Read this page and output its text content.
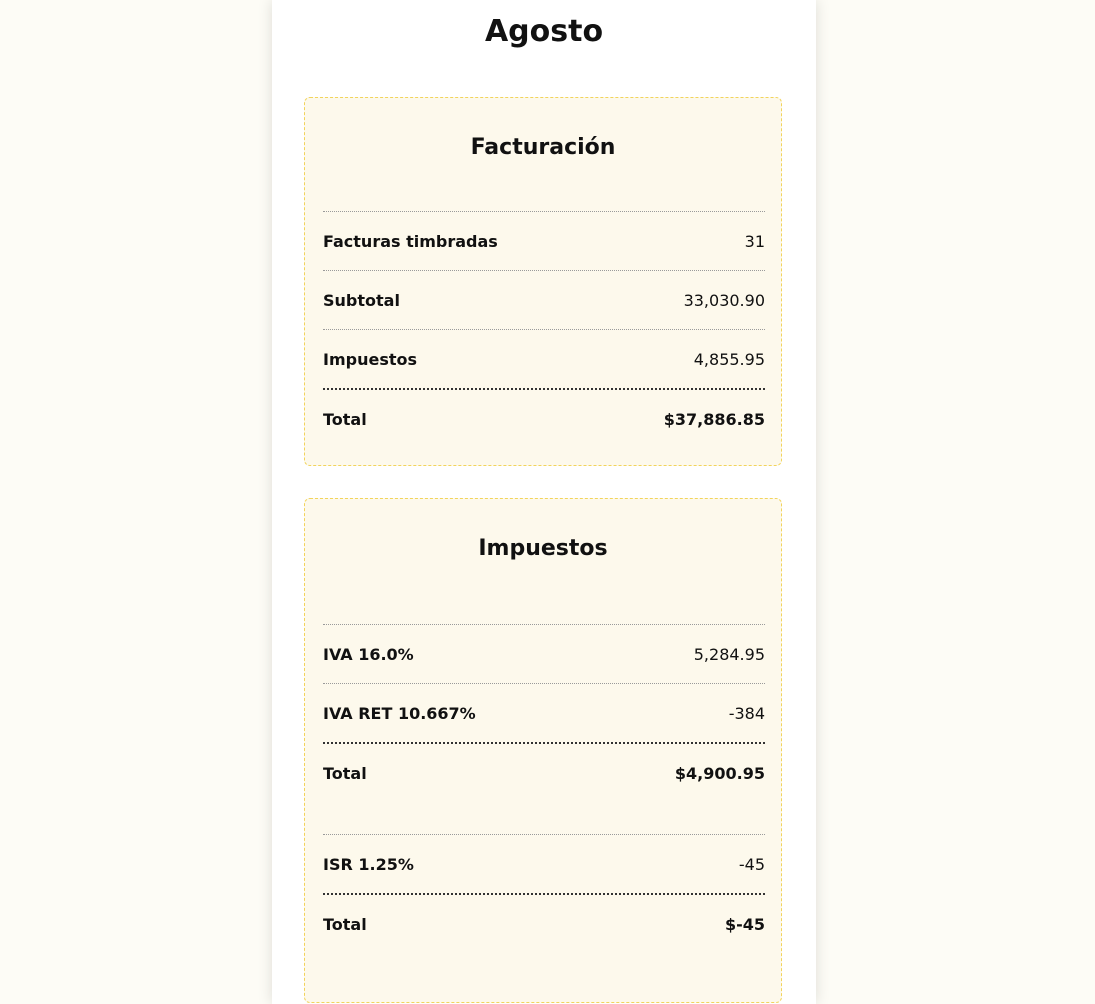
Agosto
Facturación
Facturas timbradas	31
Subtotal	33,030.90
Impuestos	4,855.95
Total	$37,886.85
Impuestos
IVA 16.0%	5,284.95
IVA RET 10.667%	-384
Total	$4,900.95
ISR 1.25%	-45
Total	$-45
